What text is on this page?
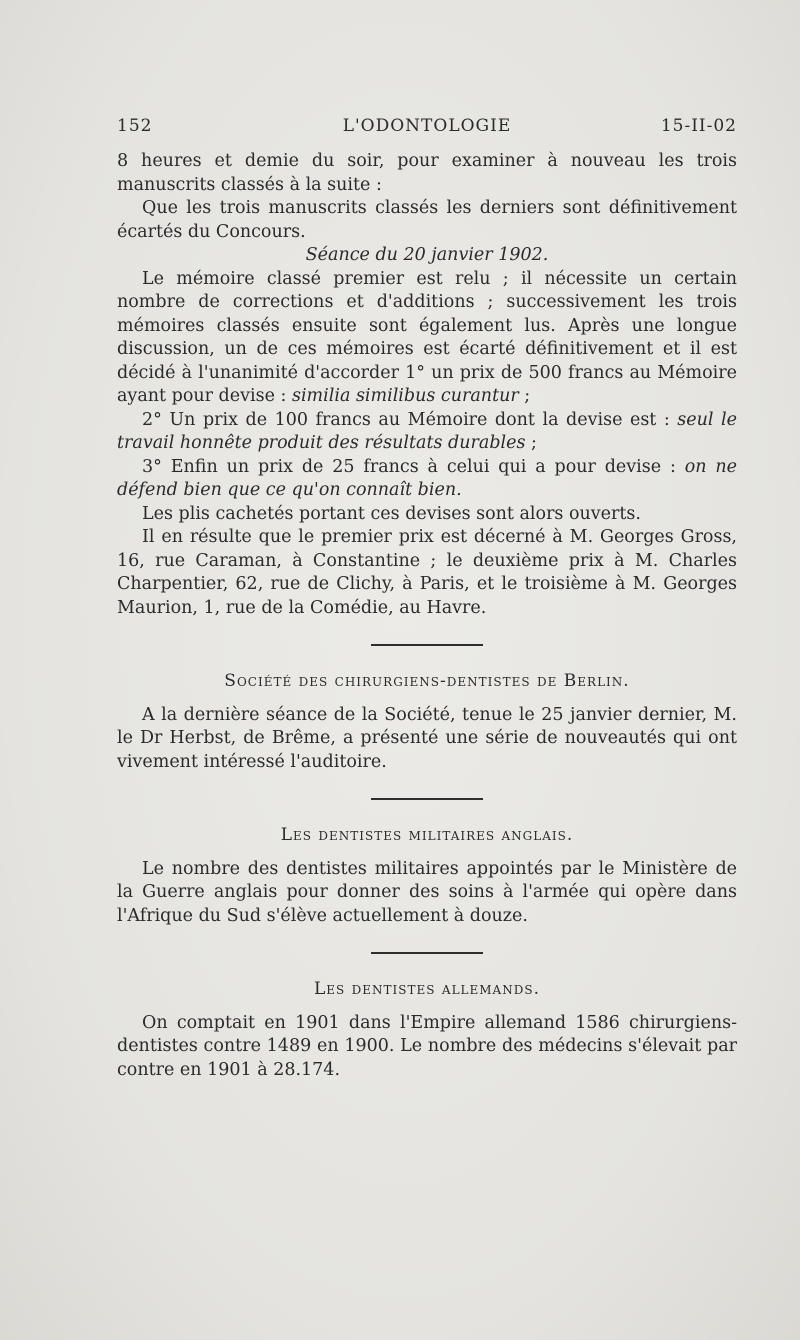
152	L'ODONTOLOGIE	15-II-02

8 heures et demie du soir, pour examiner à nouveau les trois manuscrits classés à la suite :

Que les trois manuscrits classés les derniers sont définitivement écartés du Concours.

Séance du 20 janvier 1902.

Le mémoire classé premier est relu ; il nécessite un certain nombre de corrections et d'additions ; successivement les trois mémoires classés ensuite sont également lus. Après une longue discussion, un de ces mémoires est écarté définitivement et il est décidé à l'unanimité d'accorder 1° un prix de 500 francs au Mémoire ayant pour devise : similia similibus curantur ;

2° Un prix de 100 francs au Mémoire dont la devise est : seul le travail honnête produit des résultats durables ;

3° Enfin un prix de 25 francs à celui qui a pour devise : on ne défend bien que ce qu'on connaît bien.

Les plis cachetés portant ces devises sont alors ouverts.

Il en résulte que le premier prix est décerné à M. Georges Gross, 16, rue Caraman, à Constantine ; le deuxième prix à M. Charles Charpentier, 62, rue de Clichy, à Paris, et le troisième à M. Georges Maurion, 1, rue de la Comédie, au Havre.

Société des chirurgiens-dentistes de Berlin.

A la dernière séance de la Société, tenue le 25 janvier dernier, M. le Dr Herbst, de Brême, a présenté une série de nouveautés qui ont vivement intéressé l'auditoire.

Les dentistes militaires anglais.

Le nombre des dentistes militaires appointés par le Ministère de la Guerre anglais pour donner des soins à l'armée qui opère dans l'Afrique du Sud s'élève actuellement à douze.

Les dentistes allemands.

On comptait en 1901 dans l'Empire allemand 1586 chirurgiens-dentistes contre 1489 en 1900. Le nombre des médecins s'élevait par contre en 1901 à 28.174.
